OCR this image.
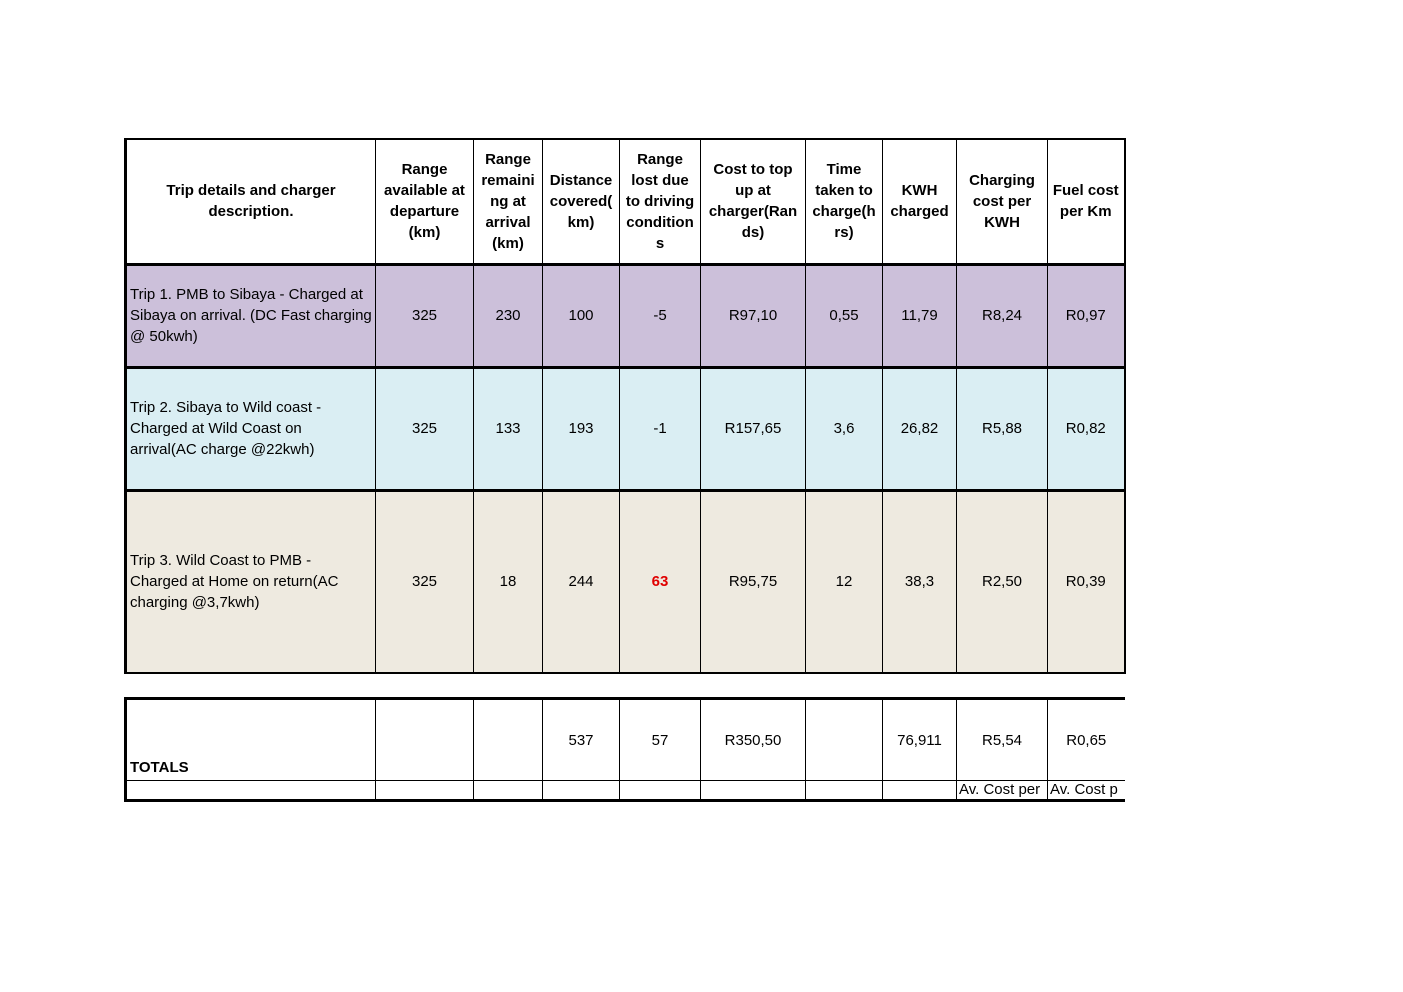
Trip details and charger description.	Range available at departure (km)	Range remaini ng at arrival (km)	Distance covered( km)	Range lost due to driving condition s	Cost to top up at charger(Ran ds)	Time taken to charge(h rs)	KWH charged	Charging cost per KWH	Fuel cost per Km
Trip 1. PMB to Sibaya - Charged at Sibaya on arrival. (DC Fast charging @ 50kwh)	325	230	100	-5	R97,10	0,55	11,79	R8,24	R0,97
Trip 2. Sibaya to Wild coast - Charged at Wild Coast on arrival(AC charge @22kwh)	325	133	193	-1	R157,65	3,6	26,82	R5,88	R0,82
Trip 3. Wild Coast to PMB - Charged at Home on return(AC charging @3,7kwh)	325	18	244	63	R95,75	12	38,3	R2,50	R0,39
TOTALS			537	57	R350,50		76,911	R5,54	R0,65
								Av. Cost per	Av. Cost p
